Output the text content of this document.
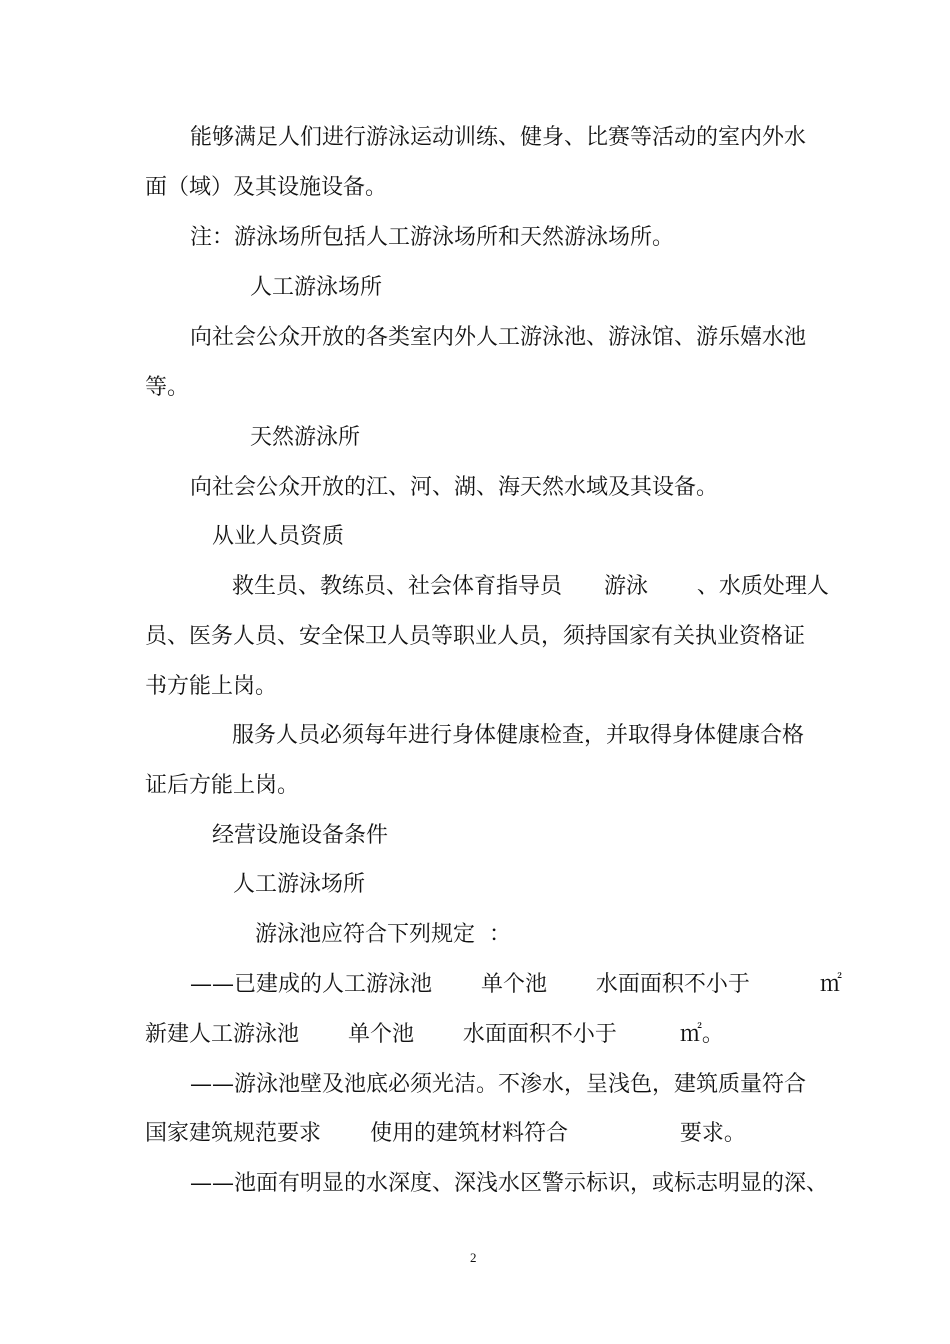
能够满足人们进行游泳运动训练、健身、比赛等活动的室内外水

面（域）及其设施设备。

注：游泳场所包括人工游泳场所和天然游泳场所。

人工游泳场所

向社会公众开放的各类室内外人工游泳池、游泳馆、游乐嬉水池

等。

天然游泳所

向社会公众开放的江、河、湖、海天然水域及其设备。

从业人员资质

救生员、教练员、社会体育指导员      游泳       、水质处理人

员、医务人员、安全保卫人员等职业人员，须持国家有关执业资格证

书方能上岗。

服务人员必须每年进行身体健康检查，并取得身体健康合格

证后方能上岗。

经营设施设备条件

人工游泳场所

游泳池应符合下列规定  ：

——已建成的人工游泳池       单个池       水面面积不小于          ㎡

新建人工游泳池       单个池       水面面积不小于         ㎡。

——游泳池壁及池底必须光洁。不渗水，呈浅色，建筑质量符合

国家建筑规范要求       使用的建筑材料符合                要求。

——池面有明显的水深度、深浅水区警示标识，或标志明显的深、

2
